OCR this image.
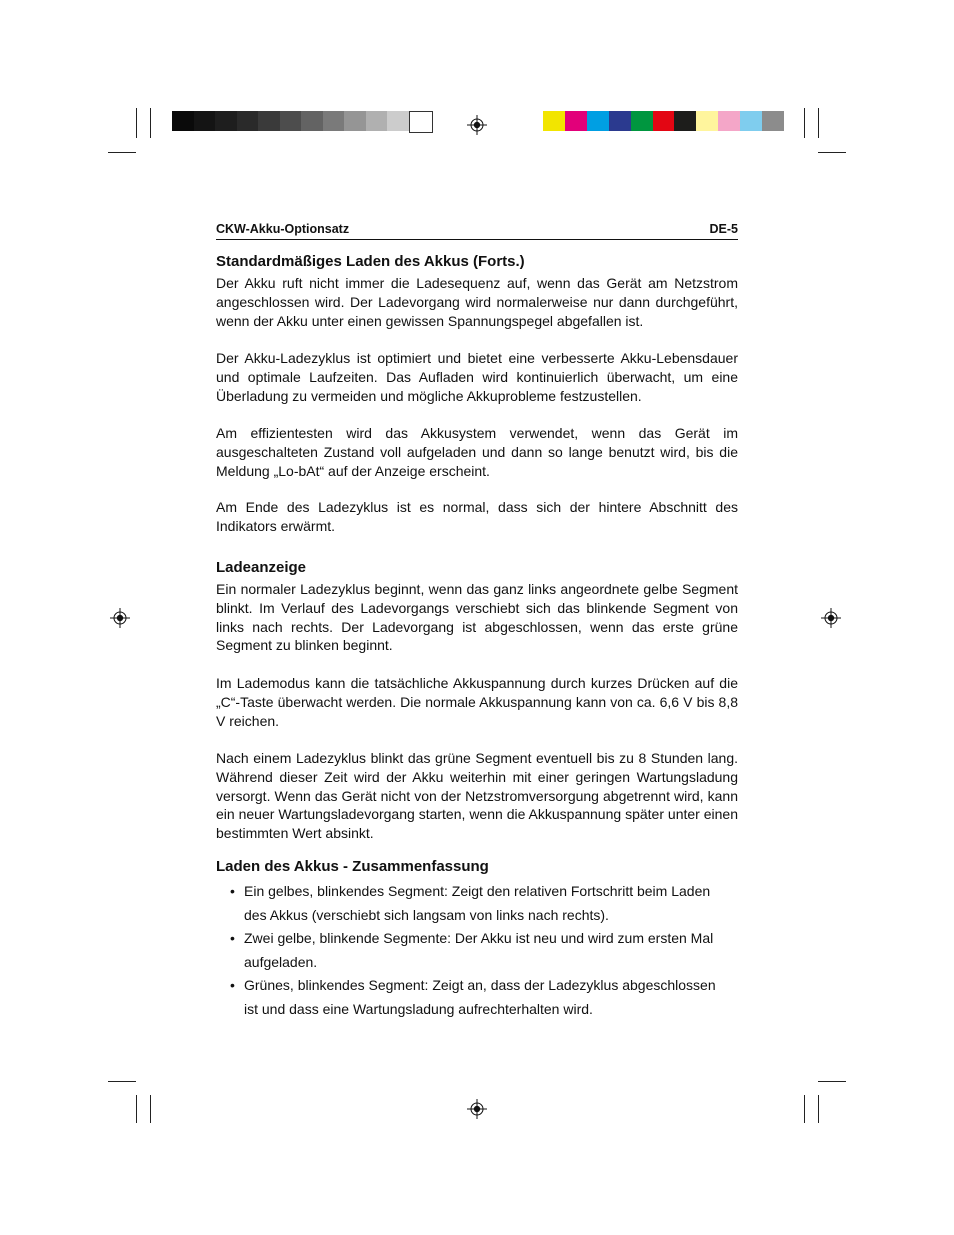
CKW-Akku-Optionsatz	DE-5
Standardmäßiges Laden des Akkus (Forts.)

Der Akku ruft nicht immer die Ladesequenz auf, wenn das Gerät am Netzstrom angeschlossen wird. Der Ladevorgang wird normalerweise nur dann durchgeführt, wenn der Akku unter einen gewissen Spannungspegel abgefallen ist.

Der Akku-Ladezyklus ist optimiert und bietet eine verbesserte Akku-Lebensdauer und optimale Laufzeiten. Das Aufladen wird kontinuierlich überwacht, um eine Überladung zu vermeiden und mögliche Akkuprobleme festzustellen.

Am effizientesten wird das Akkusystem verwendet, wenn das Gerät im ausgeschalteten Zustand voll aufgeladen und dann so lange benutzt wird, bis die Meldung „Lo-bAt“ auf der Anzeige erscheint.

Am Ende des Ladezyklus ist es normal, dass sich der hintere Abschnitt des Indikators erwärmt.

Ladeanzeige

Ein normaler Ladezyklus beginnt, wenn das ganz links angeordnete gelbe Segment blinkt. Im Verlauf des Ladevorgangs verschiebt sich das blinkende Segment von links nach rechts. Der Ladevorgang ist abgeschlossen, wenn das erste grüne Segment zu blinken beginnt.

Im Lademodus kann die tatsächliche Akkuspannung durch kurzes Drücken auf die „C“-Taste überwacht werden. Die normale Akkuspannung kann von ca. 6,6 V bis 8,8 V reichen.

Nach einem Ladezyklus blinkt das grüne Segment eventuell bis zu 8 Stunden lang. Während dieser Zeit wird der Akku weiterhin mit einer geringen Wartungsladung versorgt. Wenn das Gerät nicht von der Netzstromversorgung abgetrennt wird, kann ein neuer Wartungsladevorgang starten, wenn die Akkuspannung später unter einen bestimmten Wert absinkt.

Laden des Akkus - Zusammenfassung
• Ein gelbes, blinkendes Segment: Zeigt den relativen Fortschritt beim Laden des Akkus (verschiebt sich langsam von links nach rechts).
• Zwei gelbe, blinkende Segmente: Der Akku ist neu und wird zum ersten Mal aufgeladen.
• Grünes, blinkendes Segment: Zeigt an, dass der Ladezyklus abgeschlossen ist und dass eine Wartungsladung aufrechterhalten wird.
